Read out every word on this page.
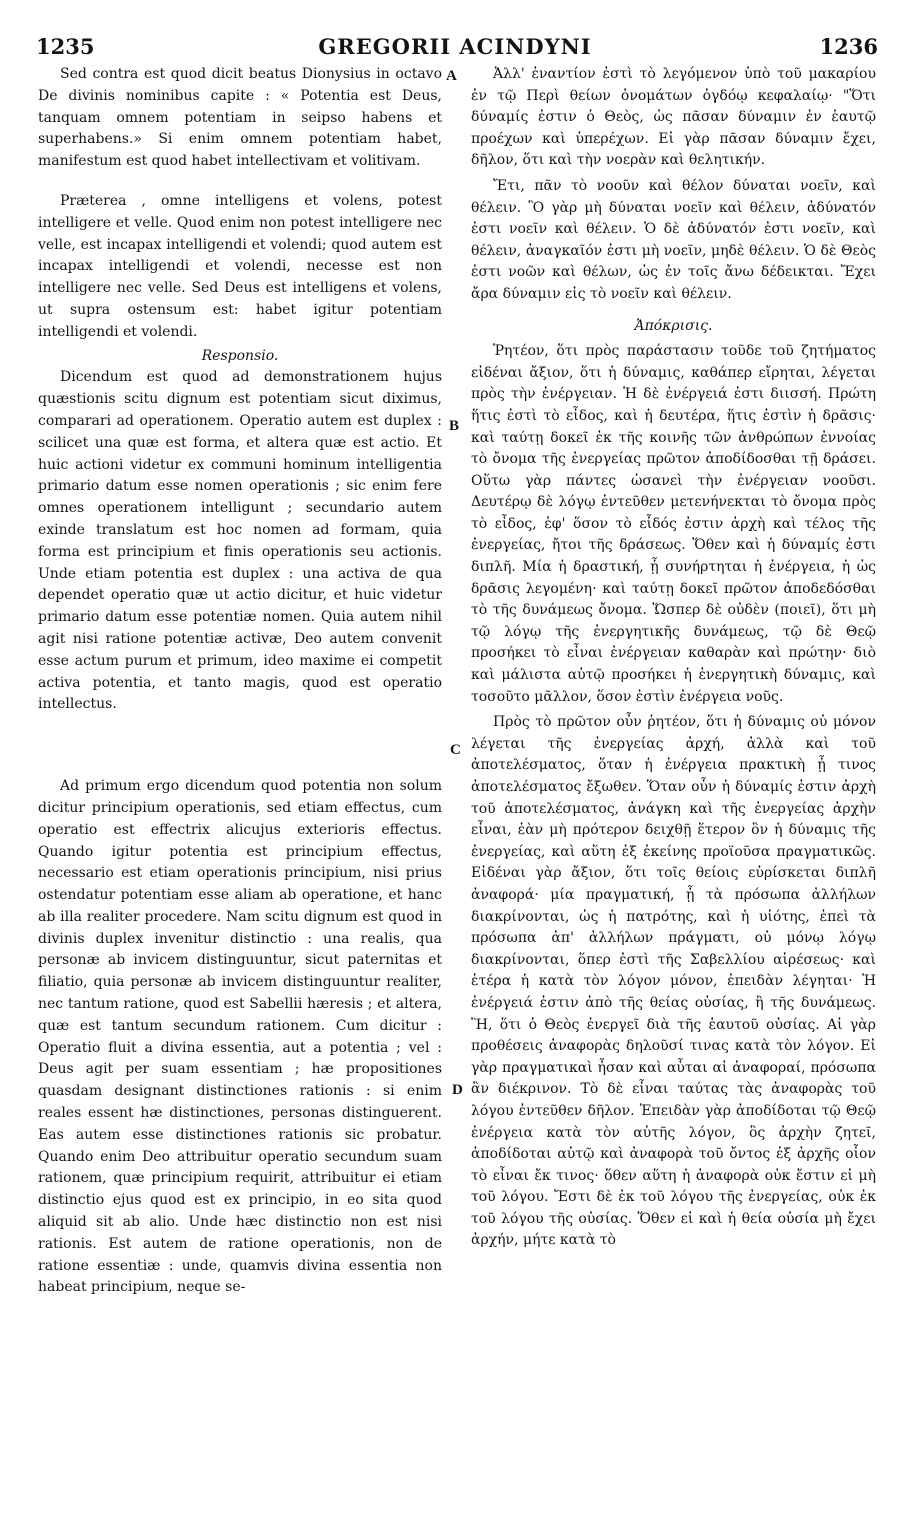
1235	GREGORII ACINDYNI	1236

Sed contra est quod dicit beatus Dionysius in octavo De divinis nominibus capite : « Potentia est Deus, tanquam omnem potentiam in seipso habens et superhabens.» Si enim omnem potentiam habet, manifestum est quod habet intellectivam et volitivam.

Præterea , omne intelligens et volens, potest intelligere et velle. Quod enim non potest intelligere nec velle, est incapax intelligendi et volendi; quod autem est incapax intelligendi et volendi, necesse est non intelligere nec velle. Sed Deus est intelligens et volens, ut supra ostensum est: habet igitur potentiam intelligendi et volendi.

Responsio.

Dicendum est quod ad demonstrationem hujus quæstionis scitu dignum est potentiam sicut diximus, comparari ad operationem. Operatio autem est duplex : scilicet una quæ est forma, et altera quæ est actio. Et huic actioni videtur ex communi hominum intelligentia primario datum esse nomen operationis ; sic enim fere omnes operationem intelligunt ; secundario autem exinde translatum est hoc nomen ad formam, quia forma est principium et finis operationis seu actionis. Unde etiam potentia est duplex : una activa de qua dependet operatio quæ ut actio dicitur, et huic videtur primario datum esse potentiæ nomen. Quia autem nihil agit nisi ratione potentiæ activæ, Deo autem convenit esse actum purum et primum, ideo maxime ei competit activa potentia, et tanto magis, quod est operatio intellectus.

Ad primum ergo dicendum quod potentia non solum dicitur principium operationis, sed etiam effectus, cum operatio est effectrix alicujus exterioris effectus. Quando igitur potentia est principium effectus, necessario est etiam operationis principium, nisi prius ostendatur potentiam esse aliam ab operatione, et hanc ab illa realiter procedere. Nam scitu dignum est quod in divinis duplex invenitur distinctio : una realis, qua personæ ab invicem distinguuntur, sicut paternitas et filiatio, quia personæ ab invicem distinguuntur realiter, nec tantum ratione, quod est Sabellii hæresis ; et altera, quæ est tantum secundum rationem. Cum dicitur : Operatio fluit a divina essentia, aut a potentia ; vel : Deus agit per suam essentiam ; hæ propositiones quasdam designant distinctiones rationis : si enim reales essent hæ distinctiones, personas distinguerent. Eas autem esse distinctiones rationis sic probatur. Quando enim Deo attribuitur operatio secundum suam rationem, quæ principium requirit, attribuitur ei etiam distinctio ejus quod est ex principio, in eo sita quod aliquid sit ab alio. Unde hæc distinctio non est nisi rationis. Est autem de ratione operationis, non de ratione essentiæ : unde, quamvis divina essentia non habeat principium, neque se-

A
B
C
D

Ἀλλ' ἐναντίον ἐστὶ τὸ λεγόμενον ὑπὸ τοῦ μακαρίου ἐν τῷ Περὶ θείων ὀνομάτων ὀγδόῳ κεφαλαίῳ· "Ὅτι δύναμίς ἐστιν ὁ Θεὸς, ὡς πᾶσαν δύναμιν ἐν ἑαυτῷ προέχων καὶ ὑπερέχων. Εἰ γὰρ πᾶσαν δύναμιν ἔχει, δῆλον, ὅτι καὶ τὴν νοερὰν καὶ θελητικήν.

Ἔτι, πᾶν τὸ νοοῦν καὶ θέλον δύναται νοεῖν, καὶ θέλειν. Ὃ γὰρ μὴ δύναται νοεῖν καὶ θέλειν, ἀδύνατόν ἐστι νοεῖν καὶ θέλειν. Ὁ δὲ ἀδύνατόν ἐστι νοεῖν, καὶ θέλειν, ἀναγκαῖόν ἐστι μὴ νοεῖν, μηδὲ θέλειν. Ὁ δὲ Θεὸς ἐστι νοῶν καὶ θέλων, ὡς ἐν τοῖς ἄνω δέδεικται. Ἔχει ἄρα δύναμιν εἰς τὸ νοεῖν καὶ θέλειν.

Ἀπόκρισις.

Ῥητέον, ὅτι πρὸς παράστασιν τοῦδε τοῦ ζητήματος εἰδέναι ἄξιον, ὅτι ἡ δύναμις, καθάπερ εἴρηται, λέγεται πρὸς τὴν ἐνέργειαν. Ἡ δὲ ἐνέργειά ἐστι διισσή. Πρώτη ἥτις ἐστὶ τὸ εἶδος, καὶ ἡ δευτέρα, ἥτις ἐστὶν ἡ δρᾶσις· καὶ ταύτῃ δοκεῖ ἐκ τῆς κοινῆς τῶν ἀνθρώπων ἐννοίας τὸ ὄνομα τῆς ἐνεργείας πρῶτον ἀποδίδοσθαι τῇ δράσει. Οὕτω γὰρ πάντες ὡσανεὶ τὴν ἐνέργειαν νοοῦσι. Δευτέρῳ δὲ λόγῳ ἐντεῦθεν μετενήνεκται τὸ ὄνομα πρὸς τὸ εἶδος, ἐφ' ὅσον τὸ εἶδός ἐστιν ἀρχὴ καὶ τέλος τῆς ἐνεργείας, ἤτοι τῆς δράσεως. Ὅθεν καὶ ἡ δύναμίς ἐστι διπλῆ. Μία ἡ δραστική, ᾗ συνήρτηται ἡ ἐνέργεια, ἡ ὡς δρᾶσις λεγομένη· καὶ ταύτῃ δοκεῖ πρῶτον ἀποδεδόσθαι τὸ τῆς δυνάμεως ὄνομα. Ὥσπερ δὲ οὐδὲν (ποιεῖ), ὅτι μὴ τῷ λόγῳ τῆς ἐνεργητικῆς δυνάμεως, τῷ δὲ Θεῷ προσήκει τὸ εἶναι ἐνέργειαν καθαρὰν καὶ πρώτην· διὸ καὶ μάλιστα αὐτῷ προσήκει ἡ ἐνεργητικὴ δύναμις, καὶ τοσοῦτο μᾶλλον, ὅσον ἐστὶν ἐνέργεια νοῦς.

Πρὸς τὸ πρῶτον οὖν ῥητέον, ὅτι ἡ δύναμις οὐ μόνον λέγεται τῆς ἐνεργείας ἀρχή, ἀλλὰ καὶ τοῦ ἀποτελέσματος, ὅταν ἡ ἐνέργεια πρακτικὴ ᾖ τινος ἀποτελέσματος ἔξωθεν. Ὅταν οὖν ἡ δύναμίς ἐστιν ἀρχὴ τοῦ ἀποτελέσματος, ἀνάγκη καὶ τῆς ἐνεργείας ἀρχὴν εἶναι, ἐὰν μὴ πρότερον δειχθῇ ἕτερον ὂν ἡ δύναμις τῆς ἐνεργείας, καὶ αὕτη ἐξ ἐκείνης προϊοῦσα πραγματικῶς. Εἰδέναι γὰρ ἄξιον, ὅτι τοῖς θείοις εὑρίσκεται διπλῆ ἀναφορά· μία πραγματική, ᾗ τὰ πρόσωπα ἀλλήλων διακρίνονται, ὡς ἡ πατρότης, καὶ ἡ υἱότης, ἐπεὶ τὰ πρόσωπα ἀπ' ἀλλήλων πράγματι, οὐ μόνῳ λόγῳ διακρίνονται, ὅπερ ἐστὶ τῆς Σαβελλίου αἱρέσεως· καὶ ἑτέρα ἡ κατὰ τὸν λόγον μόνον, ἐπειδὰν λέγηται· Ἡ ἐνέργειά ἐστιν ἀπὸ τῆς θείας οὐσίας, ἢ τῆς δυνάμεως. Ἢ, ὅτι ὁ Θεὸς ἐνεργεῖ διὰ τῆς ἑαυτοῦ οὐσίας. Αἱ γὰρ προθέσεις ἀναφορὰς δηλοῦσί τινας κατὰ τὸν λόγον. Εἰ γὰρ πραγματικαὶ ἦσαν καὶ αὗται αἱ ἀναφοραί, πρόσωπα ἂν διέκρινον. Τὸ δὲ εἶναι ταύτας τὰς ἀναφορὰς τοῦ λόγου ἐντεῦθεν δῆλον. Ἐπειδὰν γὰρ ἀποδίδοται τῷ Θεῷ ἐνέργεια κατὰ τὸν αὐτῆς λόγον, ὃς ἀρχὴν ζητεῖ, ἀποδίδοται αὐτῷ καὶ ἀναφορὰ τοῦ ὄντος ἐξ ἀρχῆς οἷον τὸ εἶναι ἔκ τινος· ὅθεν αὕτη ἡ ἀναφορὰ οὐκ ἔστιν εἰ μὴ τοῦ λόγου. Ἔστι δὲ ἐκ τοῦ λόγου τῆς ἐνεργείας, οὐκ ἐκ τοῦ λόγου τῆς οὐσίας. Ὅθεν εἰ καὶ ἡ θεία οὐσία μὴ ἔχει ἀρχήν, μήτε κατὰ τὸ
